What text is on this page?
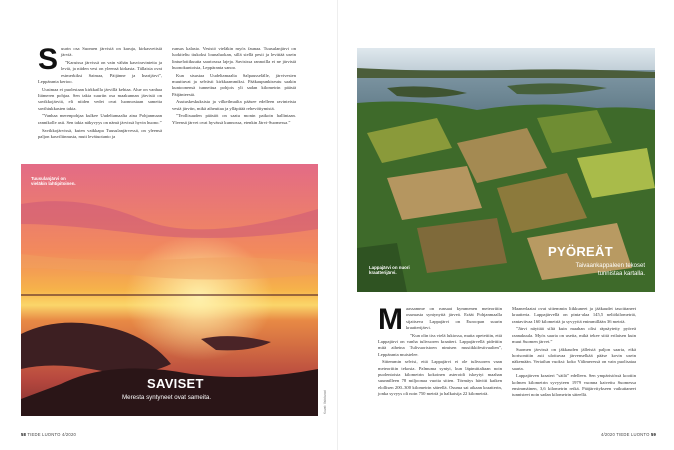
S uurin osa Suomen järvistä on karuja, kirkasvetisiä järviä.

”Karuissa järvissä on vain vähän kasviravinteita ja leviä, ja niiden vesi on yleensä kirkasta. Tällaisia ovat esimerkiksi Saimaa, Päijänne ja Inarijärvi”, Leppäranta kertoo.

Uusimaa ei puolestaan kirkkailla järvillä kehtaa. Alue on vanhaa Itämeren pohjaa. Sen takia suuriin osa maakunnan järvistä on savikkojärviä, eli niiden vedet ovat luonnostaan sameita savihiukkasten takia.

”Vanhaa merenpohjaa kulkee Uudeltamaalta aina Pohjanmaan rannikolle asti. Sen takia näkyvyys on nämä järvissä hyvin huono.”

Savikkojärvissä, kuten vaikkapa Tuusulanjärvessä, on yleensä paljon kasviliinnusta, mutt levätuotanto ja

runsas kalasto. Vesistö vieläkin myös faunaa. Tuusulanjärvi on luokiteltu tiukoksi lounaluokan, sillä siellä pesii ja levittää usein lintuelotiikuutta saariosssa lajeja. Savisissa rannoilla ei ne järvistä huonokuntoisia, Leppäranta sanoo.

Kun sisustaa Uudeltamaalta Salpausselälle, järvivesien muuttuvat ja selvästi kirkkaammiksi. Pääkaupunkiseutu saakin kuntoonensä tunnettua pohjois yli sadan kilometrin päästä Päijänteestä.

Asutuskeskuksista ja vilkeilmailta pääsee edelleen ravinteista vesiä järviin, mikä aiheuttaa ja ylläpitää rehevöitymistä.

”Teollisuuden päästöt on saatu monin paikoin hallintaan. Yleensä järvet ovat hyvässä kunnossa, etenkin Järvi-Suomessa.”

Tuusulanjärvi on vieläkin lahtipitoinen.
SAVISET
Meresta syntyneet ovat sameita.	Kuvat: Valokuvat
58 TIEDE LUONTO 4/2020
Lappajärvi on nuori kraatterijärvi.
PYÖREÄT
Taivaankappaleen tekoset
tunnistaa kartalla.
M aassamme on runsaat kymmenen meteoriitin osumasta syntynyttä järveä. Eräät Pohjanmaalla sijaitseva Lappajärvi on Euroopan suurin kraatterijärvi.

”Kun olin tiss vielä lukiossa, mutta opetettiin, että Lappajärvi on vanha tulivuoren kraatteri. Lappajärvellä pidettiin mitä aiheina Tulivuoristoen nimisen musiikkifestivaalien”, Leppäranta muistelee.

Sittemmin selvisi, että Lappajärvi ei ole tulivuoren vaan meteoriitin tekosia. Palmuma syntyi, kun läpimittaltaan noin puolentoista kilometrin kokoinen asteroidi iskeytyi maahan suunnilleen 78 miljoonaa vuotta sitten. Törmäys hävitti kaiken elollisen 200–300 kilometrin säteellä. Osuma sai aikaan kraatterin, jonka syvyys oli noin 750 metriä ja halkaisija 22 kilometriä.

Maanerlaatat ovat sittemmin liikkuneet ja jääkaudet tasoittaneet kraatteria. Lappajärvellä on pinta-alaa 145,5 neliökilometriä, rantaviivaa 160 kilometriä ja syvyyttä enimmillään 36 metriä.

”Järvi näyttää siltä kuin maahan olisi räpsäytetty pyöreä raanakuula. Myös saaria on useita, mikä tekee siitä erilaisen kuin muut Suomen järvet.”

Suomen järvissä on jäkkauden jälleistä paljon saaria, eikä horisonttiin asti ulottuvaa järvenselkää pääse kovin usein näkemään. Vertailun vuoksi: koko Välimeressä on vain puolisataa saarta.

Lappajärven kraateri ”säilä” edelleen. Sen ympäristössä kootiin kolmen kilometrin syvyyteen 1979 vuonna kaivettu Suomessa ensimmäinen, 3,6 kilometrin reikä. Pääjärvitykseen vaikuttaneet tunnisteet noin sadan kilometrin säteellä.

4/2020 TIEDE LUONTO 59
